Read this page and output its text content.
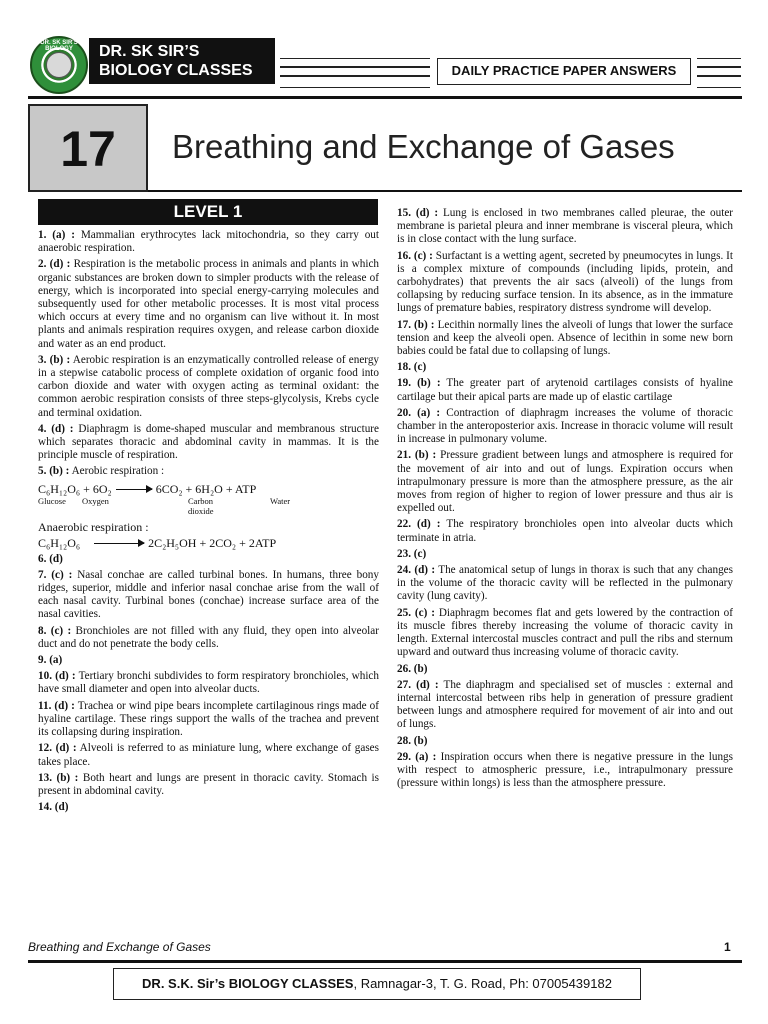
DR. SK SIR'S BIOLOGY	DR. SK SIR’S
BIOLOGY CLASSES	DAILY PRACTICE PAPER ANSWERS
17	Breathing and Exchange of Gases
LEVEL 1
1. (a) : Mammalian erythrocytes lack mitochondria, so they carry out anaerobic respiration.
2. (d) : Respiration is the metabolic process in animals and plants in which organic substances are broken down to simpler products with the release of energy, which is incorporated into special energy-carrying molecules and subsequently used for other metabolic processes. It is most vital process which occurs at every time and no organism can live without it. In most plants and animals respiration requires oxygen, and release carbon dioxide and water as an end product.
3. (b) : Aerobic respiration is an enzymatically controlled release of energy in a stepwise catabolic process of complete oxidation of organic food into carbon dioxide and water with oxygen acting as terminal oxidant: the common aerobic respiration consists of three steps-glycolysis, Krebs cycle and terminal oxidation.
4. (d) : Diaphragm is dome-shaped muscular and membranous structure which separates thoracic and abdominal cavity in mammas. It is the principle muscle of respiration.
5. (b) : Aerobic respiration :
C₆H₁₂O₆ + 6O₂ → 6CO₂ + 6H₂O + ATP
Glucose	Oxygen	Carbon dioxide
Water
Anaerobic respiration :
C₆H₁₂O₆	2C₂H₅OH + 2CO₂ + 2ATP
6. (d)
7. (c) : Nasal conchae are called turbinal bones. In humans, three bony ridges, superior, middle and inferior nasal conchae arise from the wall of each nasal cavity. Turbinal bones (conchae) increase surface area of the nasal cavities.
8. (c) : Bronchioles are not filled with any fluid, they open into alveolar duct and do not penetrate the body cells.
9. (a)
10. (d) : Tertiary bronchi subdivides to form respiratory bronchioles, which have small diameter and open into alveolar ducts.
11. (d) : Trachea or wind pipe bears incomplete cartilaginous rings made of hyaline cartilage. These rings support the walls of the trachea and prevent its collapsing during inspiration.
12. (d) : Alveoli is referred to as miniature lung, where exchange of gases takes place.
13. (b) : Both heart and lungs are present in thoracic cavity. Stomach is present in abdominal cavity.
14. (d)
15. (d) : Lung is enclosed in two membranes called pleurae, the outer membrane is parietal pleura and inner membrane is visceral pleura, which is in close contact with the lung surface.
16. (c) : Surfactant is a wetting agent, secreted by pneumocytes in lungs. It is a complex mixture of compounds (including lipids, protein, and carbohydrates) that prevents the air sacs (alveoli) of the lungs from collapsing by reducing surface tension. In its absence, as in the immature lungs of premature babies, respiratory distress syndrome will develop.
17. (b) : Lecithin normally lines the alveoli of lungs that lower the surface tension and keep the alveoli open. Absence of lecithin in some new born babies could be fatal due to collapsing of lungs.
18. (c)
19. (b) : The greater part of arytenoid cartilages consists of hyaline cartilage but their apical parts are made up of elastic cartilage
20. (a) : Contraction of diaphragm increases the volume of thoracic chamber in the anteroposterior axis. Increase in thoracic volume will result in increase in pulmonary volume.
21. (b) : Pressure gradient between lungs and atmosphere is required for the movement of air into and out of lungs. Expiration occurs when intrapulmonary pressure is more than the atmosphere pressure, as the air moves from region of higher to region of lower pressure and thus air is expelled out.
22. (d) : The respiratory bronchioles open into alveolar ducts which terminate in atria.
23. (c)
24. (d) : The anatomical setup of lungs in thorax is such that any changes in the volume of the thoracic cavity will be reflected in the pulmonary cavity (lung cavity).
25. (c) : Diaphragm becomes flat and gets lowered by the contraction of its muscle fibres thereby increasing the volume of thoracic cavity in length. External intercostal muscles contract and pull the ribs and sternum upward and outward thus increasing volume of thoracic cavity.
26. (b)
27. (d) : The diaphragm and specialised set of muscles : external and internal intercostal between ribs help in generation of pressure gradient between lungs and atmosphere required for movement of air into and out of lungs.
28. (b)
29. (a) : Inspiration occurs when there is negative pressure in the lungs with respect to atmospheric pressure, i.e., intrapulmonary pressure (pressure within longs) is less than the atmosphere pressure.
Breathing and Exchange of Gases	1
DR. S.K. Sir’s BIOLOGY CLASSES, Ramnagar-3, T. G. Road, Ph: 07005439182
